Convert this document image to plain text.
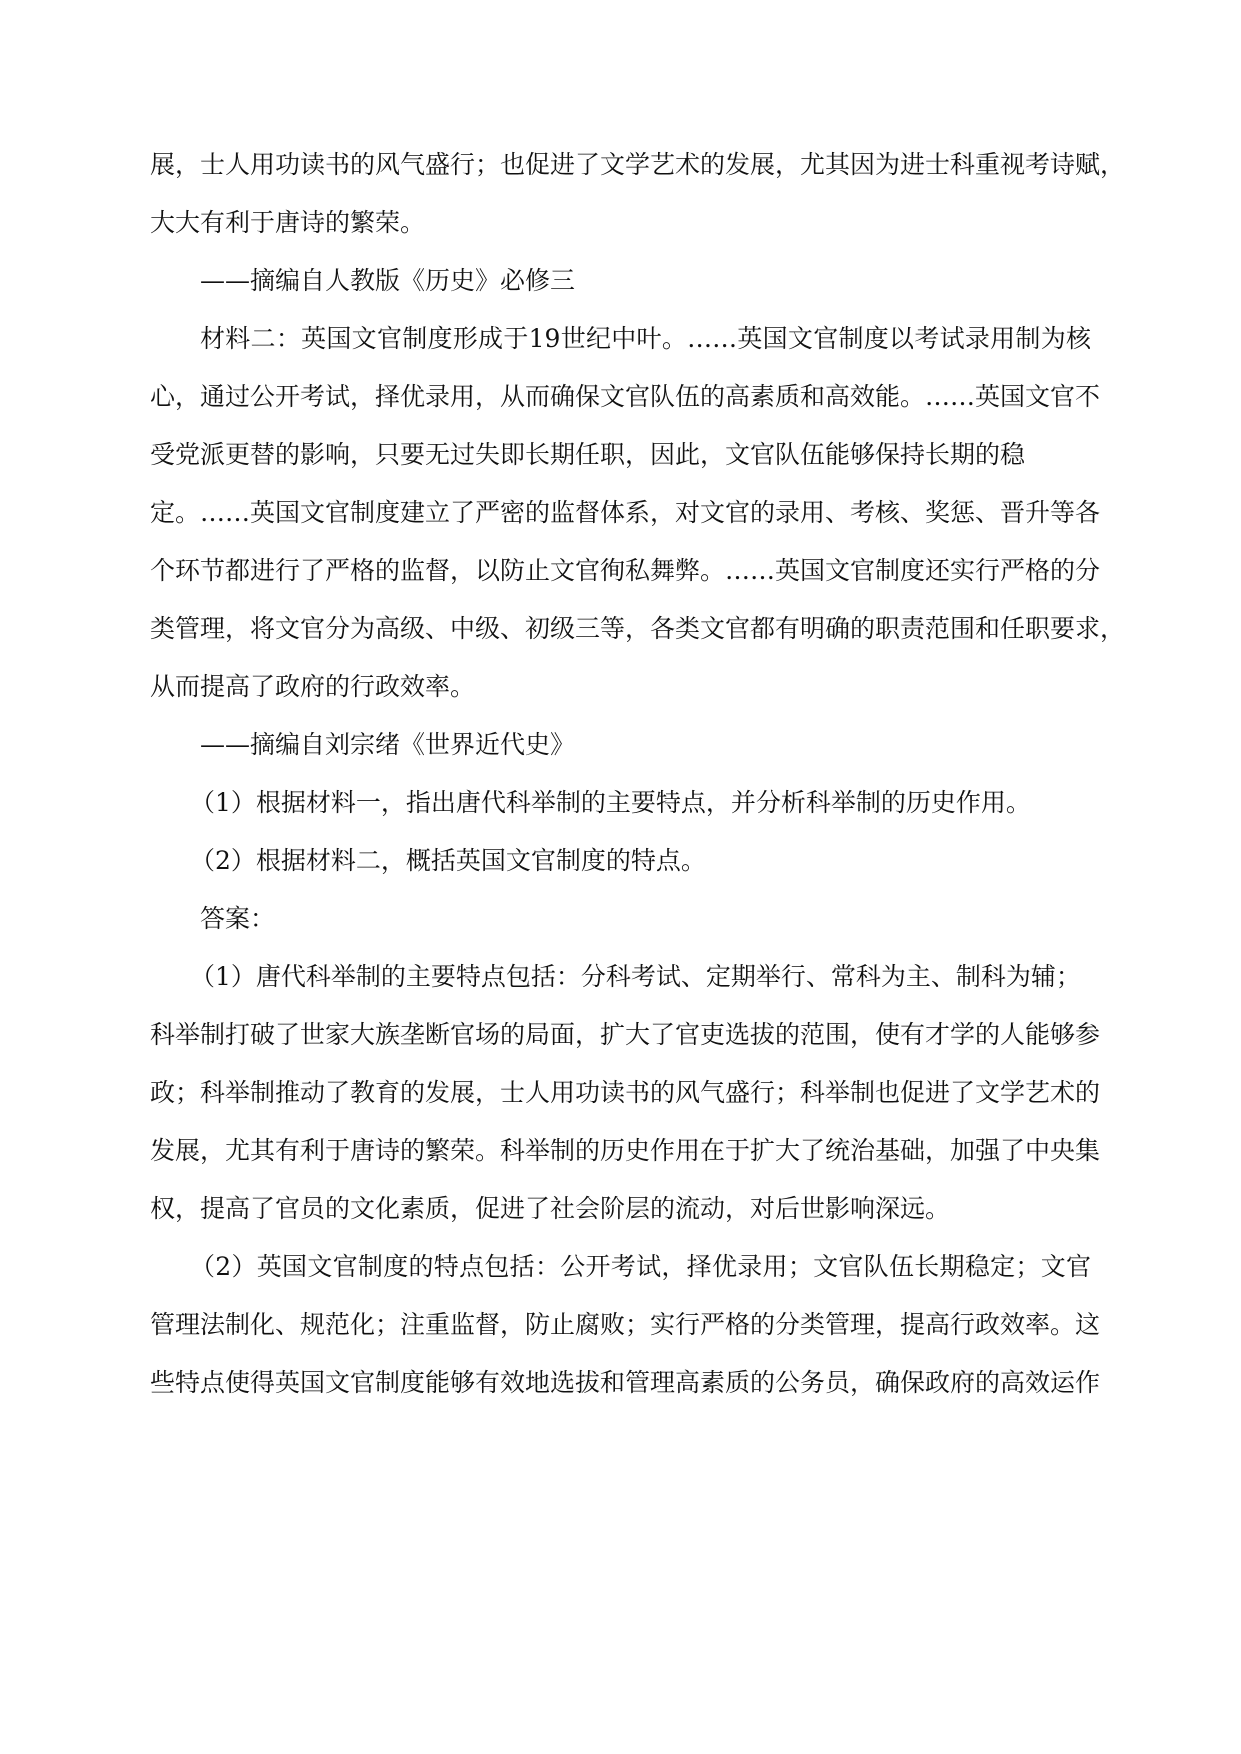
展，士人用功读书的风气盛行；也促进了文学艺术的发展，尤其因为进士科重视考诗赋，
大大有利于唐诗的繁荣。
——摘编自人教版《历史》必修三
材料二：英国文官制度形成于19世纪中叶。……英国文官制度以考试录用制为核
心，通过公开考试，择优录用，从而确保文官队伍的高素质和高效能。……英国文官不
受党派更替的影响，只要无过失即长期任职，因此，文官队伍能够保持长期的稳
定。……英国文官制度建立了严密的监督体系，对文官的录用、考核、奖惩、晋升等各
个环节都进行了严格的监督，以防止文官徇私舞弊。……英国文官制度还实行严格的分
类管理，将文官分为高级、中级、初级三等，各类文官都有明确的职责范围和任职要求，
从而提高了政府的行政效率。
——摘编自刘宗绪《世界近代史》
（1）根据材料一，指出唐代科举制的主要特点，并分析科举制的历史作用。
（2）根据材料二，概括英国文官制度的特点。
答案：
（1）唐代科举制的主要特点包括：分科考试、定期举行、常科为主、制科为辅；
科举制打破了世家大族垄断官场的局面，扩大了官吏选拔的范围，使有才学的人能够参
政；科举制推动了教育的发展，士人用功读书的风气盛行；科举制也促进了文学艺术的
发展，尤其有利于唐诗的繁荣。科举制的历史作用在于扩大了统治基础，加强了中央集
权，提高了官员的文化素质，促进了社会阶层的流动，对后世影响深远。
（2）英国文官制度的特点包括：公开考试，择优录用；文官队伍长期稳定；文官
管理法制化、规范化；注重监督，防止腐败；实行严格的分类管理，提高行政效率。这
些特点使得英国文官制度能够有效地选拔和管理高素质的公务员，确保政府的高效运作
